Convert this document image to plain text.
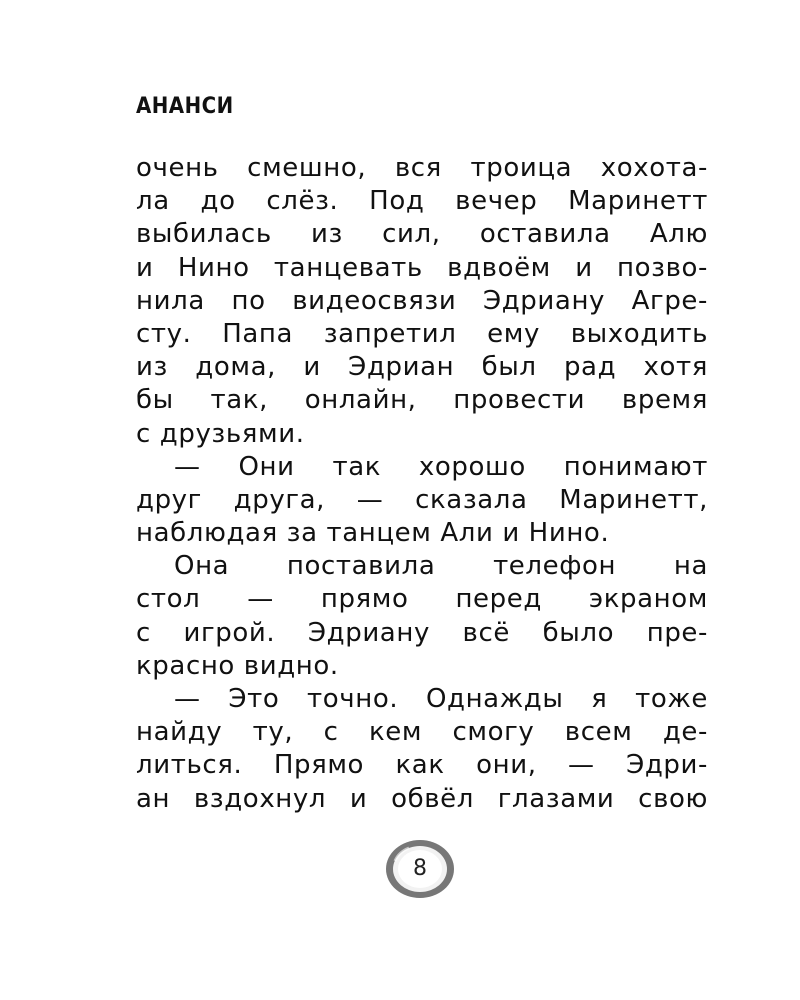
АНАНСИ
очень смешно, вся троица хохота-
ла до слёз. Под вечер Маринетт
выбилась из сил, оставила Алю
и Нино танцевать вдвоём и позво-
нила по видеосвязи Эдриану Агре-
сту. Папа запретил ему выходить
из дома, и Эдриан был рад хотя
бы так, онлайн, провести время
с друзьями.
— Они так хорошо понимают
друг друга, — сказала Маринетт,
наблюдая за танцем Али и Нино.
Она поставила телефон на
стол — прямо перед экраном
с игрой. Эдриану всё было пре-
красно видно.
— Это точно. Однажды я тоже
найду ту, с кем смогу всем де-
литься. Прямо как они, — Эдри-
ан вздохнул и обвёл глазами свою
8
